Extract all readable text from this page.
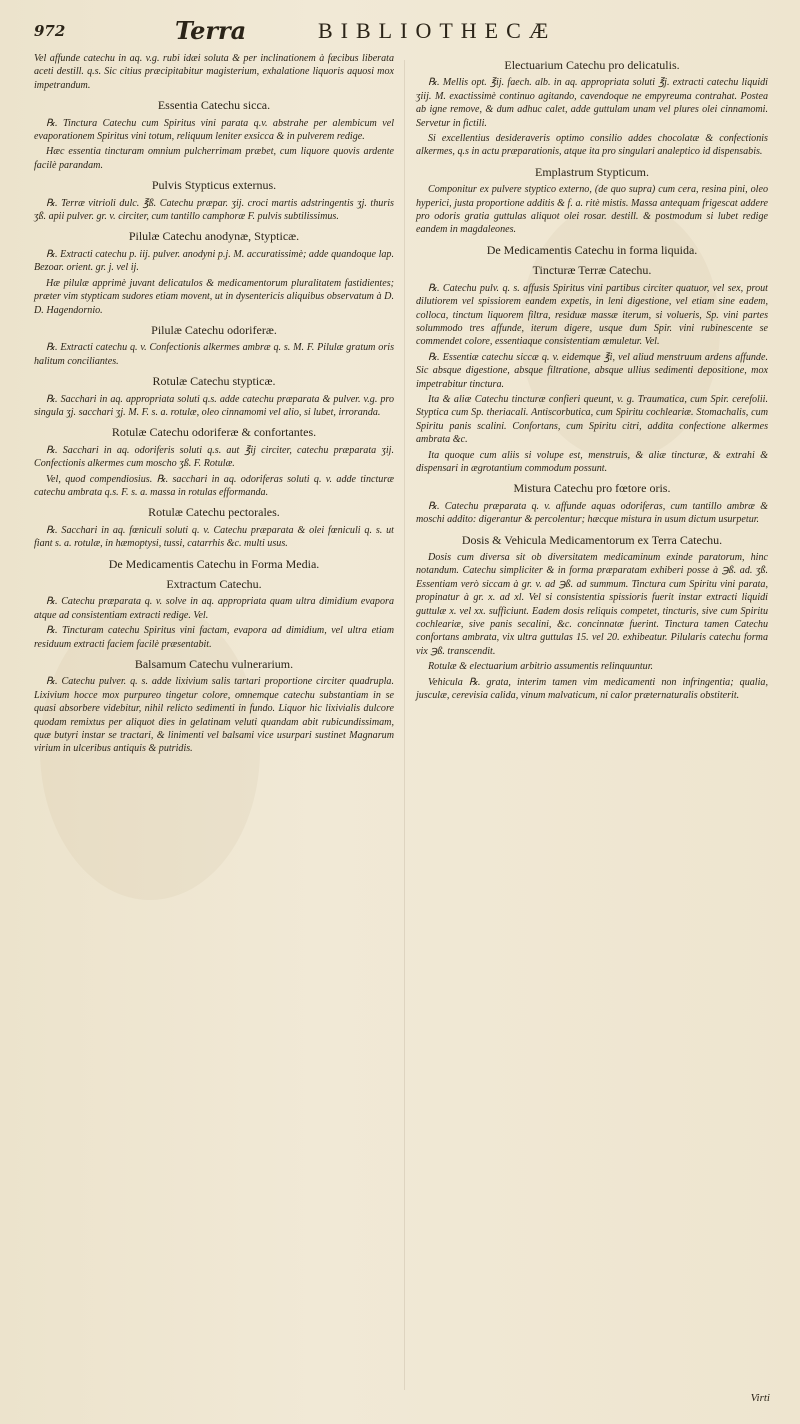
972	Terra	BIBLIOTHECÆ
Vel affunde catechu in aq. v.g. rubi idæi soluta & per inclinationem à fæcibus liberata aceti destill. q.s. Sic citius præcipitabitur magisterium, exhalatione liquoris aquosi mox impetrandum.
Essentia Catechu sicca.
℞. Tinctura Catechu cum Spiritus vini parata q.v. abstrahe per alembicum vel evaporationem Spiritus vini totum, reliquum leniter exsicca & in pulverem redige.
Hæc essentia tincturam omnium pulcherrimam præbet, cum liquore quovis ardente facilè parandam.
Pulvis Stypticus externus.
℞. Terræ vitrioli dulc. ℥ß. Catechu præpar. ʒij. croci martis adstringentis ʒj. thuris ʒß. apii pulver. gr. v. circiter, cum tantillo camphoræ F. pulvis subtilissimus.
Pilulæ Catechu anodynæ, Stypticæ.
℞. Extracti catechu p. iij. pulver. anodyni p.j. M. accuratissimè; adde quandoque lap. Bezoar. orient. gr. j. vel ij.
Hæ pilulæ apprimè juvant delicatulos & medicamentorum pluralitatem fastidientes; præter vim stypticam sudores etiam movent, ut in dysentericis aliquibus observatum à D. D. Hagendornio.
Pilulæ Catechu odoriferæ.
℞. Extracti catechu q. v. Confectionis alkermes ambræ q. s. M. F. Pilulæ gratum oris halitum conciliantes.
Rotulæ Catechu stypticæ.
℞. Sacchari in aq. appropriata soluti q.s. adde catechu præparata & pulver. v.g. pro singula ʒj. sacchari ʒj. M. F. s. a. rotulæ, oleo cinnamomi vel alio, si lubet, irroranda.
Rotulæ Catechu odoriferæ & confortantes.
℞. Sacchari in aq. odoriferis soluti q.s. aut ℥ij circiter, catechu præparata ʒij. Confectionis alkermes cum moscho ʒß. F. Rotulæ.
Vel, quod compendiosius. ℞. sacchari in aq. odoriferas soluti q. v. adde tincturæ catechu ambrata q.s. F. s. a. massa in rotulas efformanda.
Rotulæ Catechu pectorales.
℞. Sacchari in aq. fœniculi soluti q. v. Catechu præparata & olei fœniculi q. s. ut fiant s. a. rotulæ, in hæmoptysi, tussi, catarrhis &c. multi usus.
De Medicamentis Catechu in Forma Media.
Extractum Catechu.
℞. Catechu præparata q. v. solve in aq. appropriata quam ultra dimidium evapora atque ad consistentiam extracti redige. Vel.
℞. Tincturam catechu Spiritus vini factam, evapora ad dimidium, vel ultra etiam residuum extracti faciem facilè præsentabit.
Balsamum Catechu vulnerarium.
℞. Catechu pulver. q. s. adde lixivium salis tartari proportione circiter quadrupla. Lixivium hocce mox purpureo tingetur colore, omnemque catechu substantiam in se quasi absorbere videbitur, nihil relicto sedimenti in fundo. Liquor hic lixivialis dulcore quodam remixtus per aliquot dies in gelatinam veluti quandam abit rubicundissimam, quæ butyri instar se tractari, & linimenti vel balsami vice usurpari sustinet Magnarum virium in ulceribus antiquis & putridis.
Electuarium Catechu pro delicatulis.
℞. Mellis opt. ℥ij. faech. alb. in aq. appropriata soluti ℥j. extracti catechu liquidi ʒiij. M. exactissimè continuo agitando, cavendoque ne empyreuma contrahat. Postea ab igne remove, & dum adhuc calet, adde guttulam unam vel plures olei cinnamomi. Servetur in fictili.
Si excellentius desideraveris optimo consilio addes chocolatæ & confectionis alkermes, q.s in actu præparationis, atque ita pro singulari analeptico id dispensabis.
Emplastrum Stypticum.
Componitur ex pulvere styptico externo, (de quo supra) cum cera, resina pini, oleo hyperici, justa proportione additis & f. a. ritè mistis. Massa antequam frigescat addere pro odoris gratia guttulas aliquot olei rosar. destill. & postmodum si lubet redige eandem in magdaleones.
De Medicamentis Catechu in forma liquida.
Tincturæ Terræ Catechu.
℞. Catechu pulv. q. s. affusis Spiritus vini partibus circiter quatuor, vel sex, prout dilutiorem vel spissiorem eandem expetis, in leni digestione, vel etiam sine eadem, colloca, tinctum liquorem filtra, residuæ massæ iterum, si volueris, Sp. vini partes solummodo tres affunde, iterum digere, usque dum Spir. vini rubinescente se commendet colore, essentiaque consistentiam æmuletur. Vel.
℞. Essentiæ catechu siccæ q. v. eidemque ℥i, vel aliud menstruum ardens affunde. Sic absque digestione, absque filtratione, absque ullius sedimenti depositione, mox impetrabitur tinctura.
Ita & aliæ Catechu tincturæ confieri queunt, v. g. Traumatica, cum Spir. cerefolii. Styptica cum Sp. theriacali. Antiscorbutica, cum Spiritu cochleariæ. Stomachalis, cum Spiritu panis scalini. Confortans, cum Spiritu citri, addita confectione alkermes ambrata &c.
Ita quoque cum aliis si volupe est, menstruis, & aliæ tincturæ, & extrahi & dispensari in ægrotantium commodum possunt.
Mistura Catechu pro fœtore oris.
℞. Catechu præparata q. v. affunde aquas odoriferas, cum tantillo ambræ & moschi addito: digerantur & percolentur; hæcque mistura in usum dictum usurpetur.
Dosis & Vehicula Medicamentorum ex Terra Catechu.
Dosis cum diversa sit ob diversitatem medicaminum exinde paratorum, hinc notandum. Catechu simpliciter & in forma præparatam exhiberi posse à ℈ß. ad. ʒß. Essentiam verò siccam à gr. v. ad ℈ß. ad summum. Tinctura cum Spiritu vini parata, propinatur à gr. x. ad xl. Vel si consistentia spissioris fuerit instar extracti liquidi guttulæ x. vel xx. sufficiunt. Eadem dosis reliquis competet, tincturis, sive cum Spiritu cochleariæ, sive panis secalini, &c. concinnatæ fuerint. Tinctura tamen Catechu confortans ambrata, vix ultra guttulas 15. vel 20. exhibeatur. Pilularis catechu forma vix ℈ß. transcendit.
Rotulæ & electuarium arbitrio assumentis relinquuntur.
Vehicula ℞. grata, interim tamen vim medicamenti non infringentia; qualia, jusculæ, cerevisia calida, vinum malvaticum, ni calor præternaturalis obstiterit.
Virti
